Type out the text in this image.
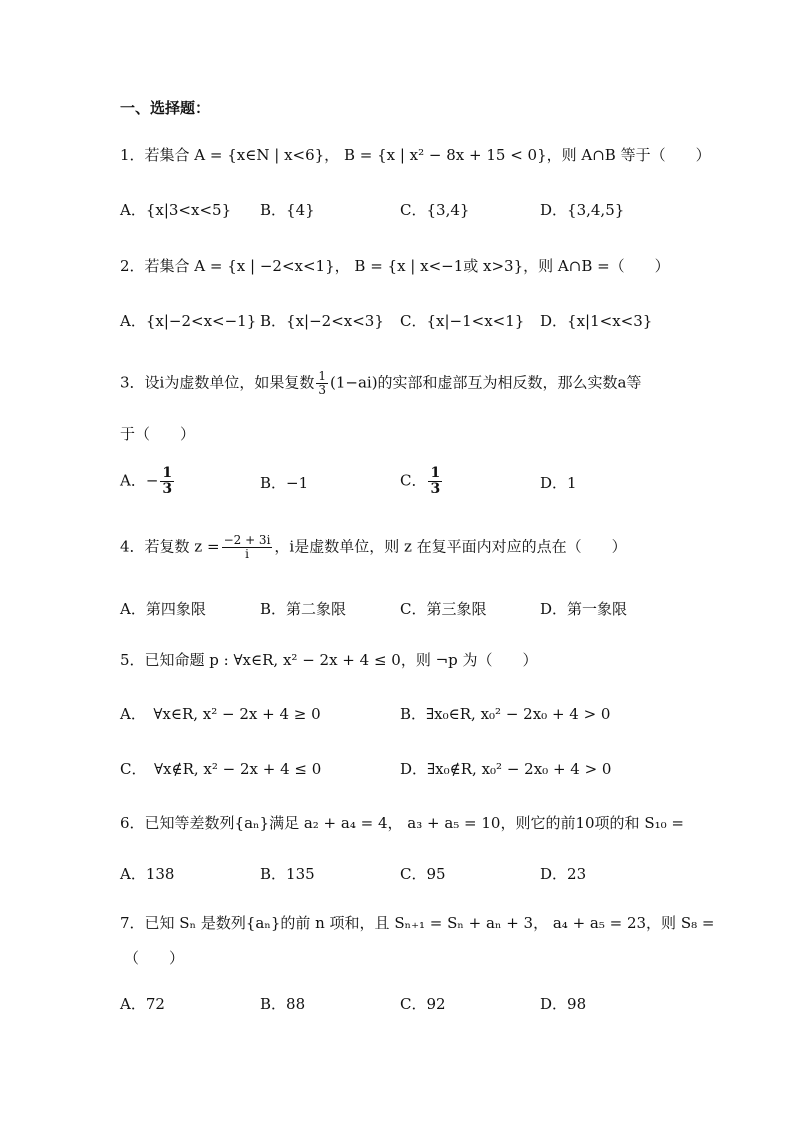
一、选择题：
1．若集合 A = {x∈N | x<6}， B = {x | x² − 8x + 15 < 0}，则 A∩B 等于（　　）
A．{x|3<x<5} B．{4}	C．{3,4}	D．{3,4,5}
2．若集合 A = {x | −2<x<1}， B = {x | x<−1或 x>3}，则 A∩B =（　　）
A．{x|−2<x<−1} B．{x|−2<x<3} C．{x|−1<x<1} D．{x|1<x<3}
3．设i为虚数单位，如果复数 $\frac{1}{3} (1-ai)$的实部和虚部互为相反数，那么实数a等
于（　　）
A．− $\frac{1}{3}$	B．−1	C． $\frac{1}{3}$	D．1
4．若复数 $z = \frac{-2 + 3i}{i}$ ，i是虚数单位，则 z 在复平面内对应的点在（　　）
A．第四象限	B．第二象限	C．第三象限	D．第一象限
5．已知命题 p : ∀x∈R, x² − 2x + 4 ≤ 0，则 ¬p 为（　　）
A．　∀x∈R, x² − 2x + 4 ≥ 0	B．∃x₀∈R, x₀² − 2x₀ + 4 > 0
C．　∀x∉R, x² − 2x + 4 ≤ 0	D．∃x₀∉R, x₀² − 2x₀ + 4 > 0
6．已知等差数列{aₙ}满足 a₂ + a₄ = 4， a₃ + a₅ = 10，则它的前10项的和 S₁₀ =
A．138	B．135	C．95	D．23
7．已知 Sₙ 是数列{aₙ}的前 n 项和，且 Sₙ₊₁ = Sₙ + aₙ + 3， a₄ + a₅ = 23，则 S₈ =
（　　）
A．72	B．88	C．92	D．98
